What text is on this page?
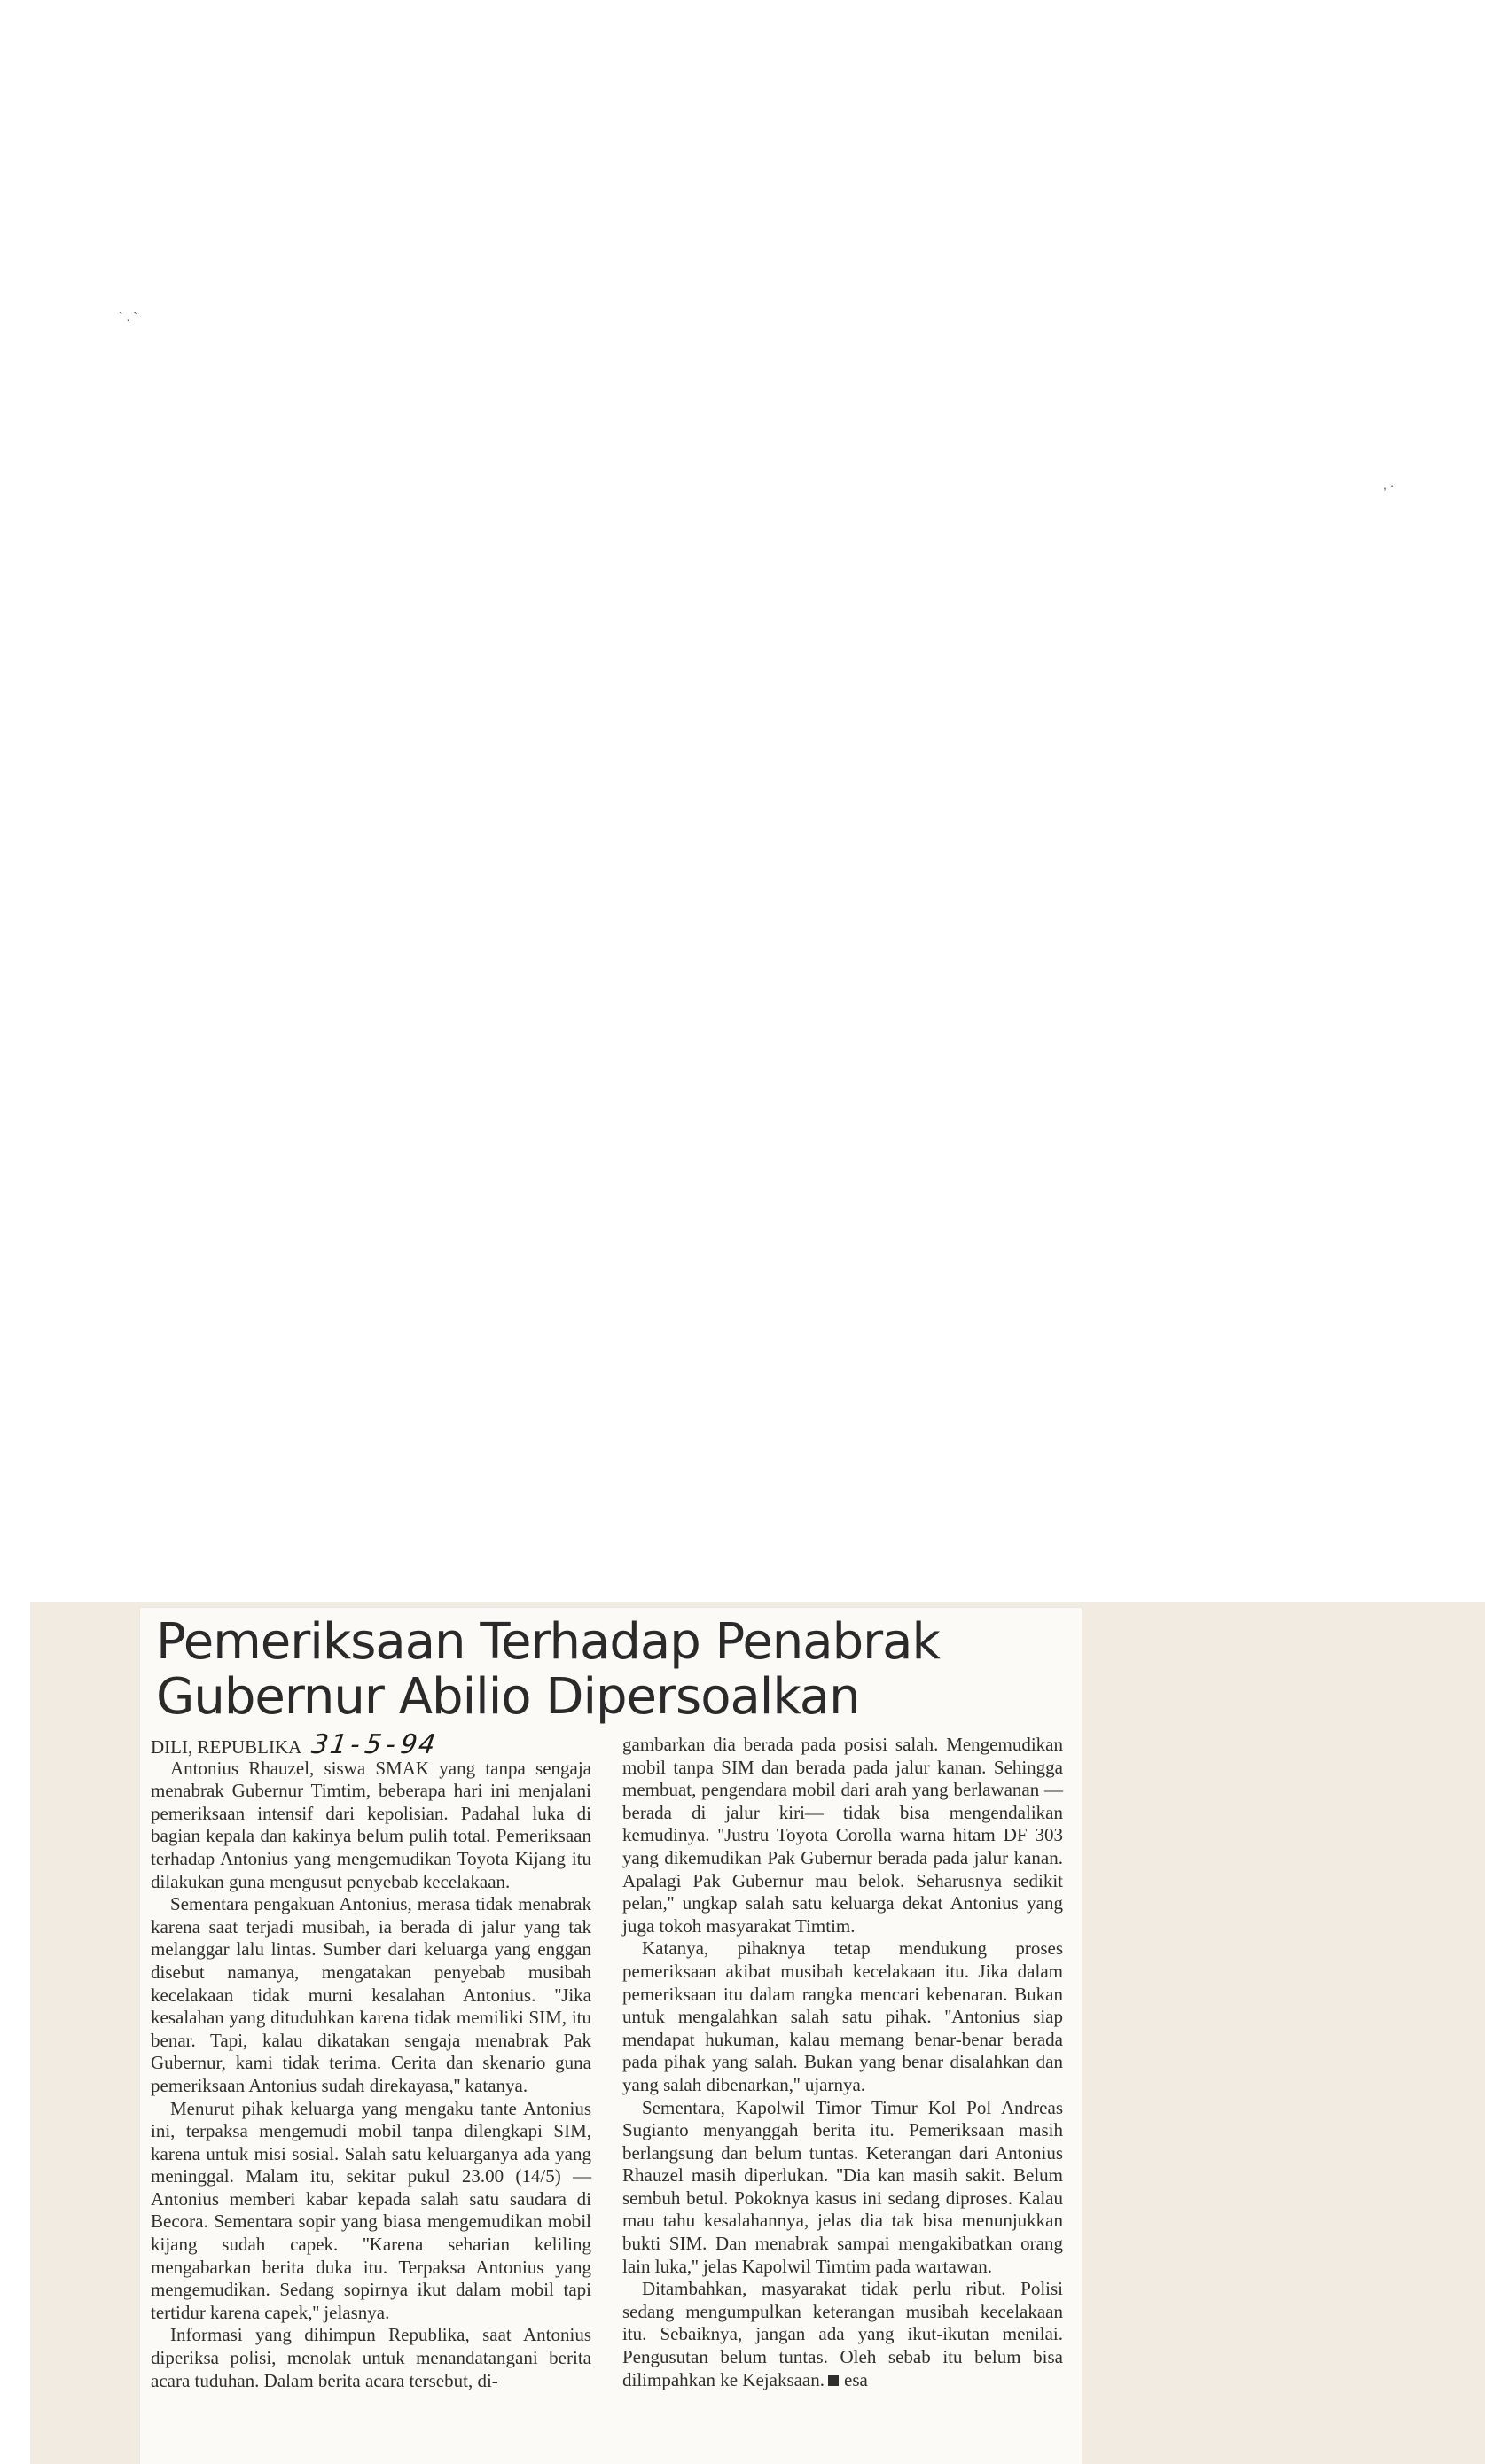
` . `
, ·
Pemeriksaan Terhadap Penabrak
Gubernur Abilio Dipersoalkan
DILI, REPUBLIKA 31-5-94

Antonius Rhauzel, siswa SMAK yang tanpa sengaja menabrak Gubernur Timtim, beberapa hari ini menjalani pemeriksaan intensif dari kepolisian. Padahal luka di bagian kepala dan kakinya belum pulih total. Pemeriksaan terhadap Antonius yang mengemudikan Toyota Kijang itu dilakukan guna mengusut penyebab kecelakaan.

Sementara pengakuan Antonius, merasa tidak menabrak karena saat terjadi musibah, ia berada di jalur yang tak melanggar lalu lintas. Sumber dari keluarga yang enggan disebut namanya, mengatakan penyebab musibah kecelakaan tidak murni kesalahan Antonius. ''Jika kesalahan yang dituduhkan karena tidak memiliki SIM, itu benar. Tapi, kalau dikatakan sengaja menabrak Pak Gubernur, kami tidak terima. Cerita dan skenario guna pemeriksaan Antonius sudah direkayasa,'' katanya.

Menurut pihak keluarga yang mengaku tante Antonius ini, terpaksa mengemudi mobil tanpa dilengkapi SIM, karena untuk misi sosial. Salah satu keluarganya ada yang meninggal. Malam itu, sekitar pukul 23.00 (14/5) —Antonius memberi kabar kepada salah satu saudara di Becora. Sementara sopir yang biasa mengemudikan mobil kijang sudah capek. ''Karena seharian keliling mengabarkan berita duka itu. Terpaksa Antonius yang mengemudikan. Sedang sopirnya ikut dalam mobil tapi tertidur karena capek,'' jelasnya.

Informasi yang dihimpun Republika, saat Antonius diperiksa polisi, menolak untuk menandatangani berita acara tuduhan. Dalam berita acara tersebut, di-

gambarkan dia berada pada posisi salah. Mengemudikan mobil tanpa SIM dan berada pada jalur kanan. Sehingga membuat, pengendara mobil dari arah yang berlawanan —berada di jalur kiri— tidak bisa mengendalikan kemudinya. ''Justru Toyota Corolla warna hitam DF 303 yang dikemudikan Pak Gubernur berada pada jalur kanan. Apalagi Pak Gubernur mau belok. Seharusnya sedikit pelan,'' ungkap salah satu keluarga dekat Antonius yang juga tokoh masyarakat Timtim.

Katanya, pihaknya tetap mendukung proses pemeriksaan akibat musibah kecelakaan itu. Jika dalam pemeriksaan itu dalam rangka mencari kebenaran. Bukan untuk mengalahkan salah satu pihak. ''Antonius siap mendapat hukuman, kalau memang benar-benar berada pada pihak yang salah. Bukan yang benar disalahkan dan yang salah dibenarkan,'' ujarnya.

Sementara, Kapolwil Timor Timur Kol Pol Andreas Sugianto menyanggah berita itu. Pemeriksaan masih berlangsung dan belum tuntas. Keterangan dari Antonius Rhauzel masih diperlukan. ''Dia kan masih sakit. Belum sembuh betul. Pokoknya kasus ini sedang diproses. Kalau mau tahu kesalahannya, jelas dia tak bisa menunjukkan bukti SIM. Dan menabrak sampai mengakibatkan orang lain luka,'' jelas Kapolwil Timtim pada wartawan.

Ditambahkan, masyarakat tidak perlu ribut. Polisi sedang mengumpulkan keterangan musibah kecelakaan itu. Sebaiknya, jangan ada yang ikut-ikutan menilai. Pengusutan belum tuntas. Oleh sebab itu belum bisa dilimpahkan ke Kejaksaan. esa
